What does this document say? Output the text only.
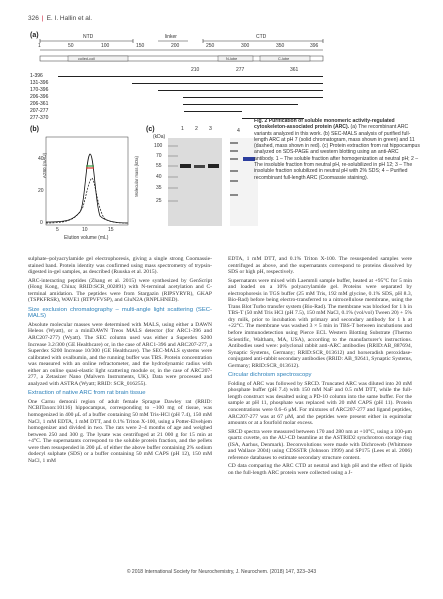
326 | E. I. Hallin et al.
(a)	NTD	linker	CTD
1	50	100	150	200	250	300	350	396
coiled-coil	N-lobe	C-lobe
210	277	361
1-396
131-396
170-396
206-396
206-361
207-277
277-370
(b)
A280 (mAU)
0
20
40
5	10	15
Elution volume (mL)
Molecular mass (kDa)
(c)
(kDa)
1 2 3	4
100
70
55
40
35
25
Fig. 2 Purification of soluble monomeric activity-regulated cytoskeleton-associated protein (ARC). (a) The recombinant ARC variants analyzed in this work. (b) SEC-MALS analysis of purified full-length ARC at pH 7 (solid chromatogram, mass shown in green) and 11 (dashed, mass shown in red). (c) Protein extraction from rat hippocampus analyzed on SDS-PAGE and western blotting using an anti-ARC antibody. 1 – The soluble fraction after homogenization at neutral pH; 2 – The insoluble fraction from neutral pH, re-solubilized in pH 12; 3 – The insoluble fraction solubilized in neutral pH with 2% SDS; 4 – Purified recombinant full-length ARC (Coomassie staining).

sulphate–polyacrylamide gel electrophoresis, giving a single strong Coomassie-stained band. Protein identity was confirmed using mass spectrometry of trypsin-digested in-gel samples, as described (Ruuska et al. 2015).

ARC-interacting peptides (Zhang et al. 2015) were synthesized by GenScript (Hong Kong, China; RRID:SCR_002891) with N-terminal acetylation and C-terminal amidation. The peptides were from Stargazin (RIPSYRYR), GKAP (TSPKFRSR), WAVE1 (RTPVFVSP), and GluN2A (RNPLHNED).

Size exclusion chromatography – multi-angle light scattering (SEC-MALS)

Absolute molecular masses were determined with MALS, using either a DAWN Heleos (Wyatt), or a miniDAWN Treos MALS detector (for ARC1-396 and ARC207-277) (Wyatt). The SEC column used was either a Superdex S200 Increase 3.2/300 (GE Healthcare) or, in the case of ARC1-396 and ARC207-277, a Superdex S200 Increase 10/300 (GE Healthcare). The SEC-MALS systems were calibrated with ovalbumin, and the running buffer was TBS. Protein concentration was measured with an online refractometer, and the hydrodynamic radius with either an online quasi-elastic light scattering module or, in the case of ARC207-277, a Zetasizer Nano (Malvern Instruments, UK). Data were processed and analyzed with ASTRA (Wyatt; RRID: SCR_016255).

Extraction of native ARC from rat brain tissue

One Carnu demonii region of adult female Sprague Dawley rat (RRID: NCBITaxon:10116) hippocampus, corresponding to ~100 mg of tissue, was homogenized in 400 μL of a buffer containing 50 mM Tris-HCl (pH 7.4), 150 mM NaCl, 1 mM EDTA, 1 mM DTT, and 0.1% Triton X-100, using a Potter-Elvehjem homogenizer and divided in two. The rats were 2–4 months of age and weighed between 250 and 300 g. The lysate was centrifuged at 21 000 g for 15 min at +4°C. The supernatants correspond to the soluble protein fraction, and the pellets were then resuspended in 200 μL of either the above buffer containing 2% sodium dodecyl sulphate (SDS) or a buffer containing 50 mM CAPS (pH 12), 150 mM NaCl, 1 mM

EDTA, 1 mM DTT, and 0.1% Triton X-100. The resuspended samples were centrifuged as above, and the supernatants correspond to proteins dissolved by SDS or high pH, respectively.

Supernatants were mixed with Laemmli sample buffer, heated at +95°C for 5 min and loaded on a 10% polyacrylamide gel. Proteins were separated by electrophoresis in TGS buffer (25 mM Tris, 192 mM glycine, 0.1% SDS, pH 8.3, Bio-Rad) before being electro-transferred to a nitrocellulose membrane, using the Trans Blot Turbo transfer system (Bio-Rad). The membrane was blocked for 1 h in TBS-T (50 mM Tris HCl (pH 7.5), 150 mM NaCl, 0.1% (vol/vol) Tween 20) + 5% dry milk, prior to incubation with primary and secondary antibody for 1 h at +22°C. The membrane was washed 3 × 5 min in TBS-T between incubations and before immunodetection using Pierce ECL Western Blotting Substrate (Thermo Scientific, Waltham, MA, USA), according to the manufacturer's instructions. Antibodies used were: polyclonal rabbit anti-ARC antibodies (RRID:AB_887694, Synaptic Systems, Germany; RRID:SCR_013612) and horseradish peroxidase-conjugated anti-rabbit secondary antibodies (RRID: AB_92641, Synaptic Systems, Germany; RRID:SCR_013612).

Circular dichroism spectroscopy

Folding of ARC was followed by SRCD. Truncated ARC was diluted into 20 mM phosphate buffer (pH 7.4) with 150 mM NaF and 0.5 mM DTT, while the full-length construct was desalted using a PD-10 column into the same buffer. For the sample at pH 11, phosphate was replaced with 20 mM CAPS (pH 11). Protein concentrations were 0.6–6 μM. For mixtures of ARC207-277 and ligand peptides, ARC207-277 was at 67 μM, and the peptides were present either in equimolar amounts or at a fourfold molar excess.

SRCD spectra were measured between 170 and 280 nm at +10°C, using a 100-μm quartz cuvette, on the AU-CD beamline at the ASTRID2 synchrotron storage ring (ISA, Aarhus, Denmark). Deconvolutions were made with Dichroweb (Whitmore and Wallace 2004) using CDSSTR (Johnson 1999) and SP175 (Lees et al. 2006) reference databases to estimate secondary structure content.

CD data comparing the ARC CTD at neutral and high pH and the effect of lipids on the full-length ARC protein were collected using a J-

© 2018 International Society for Neurochemistry, J. Neurochem. (2018) 147, 323–343
